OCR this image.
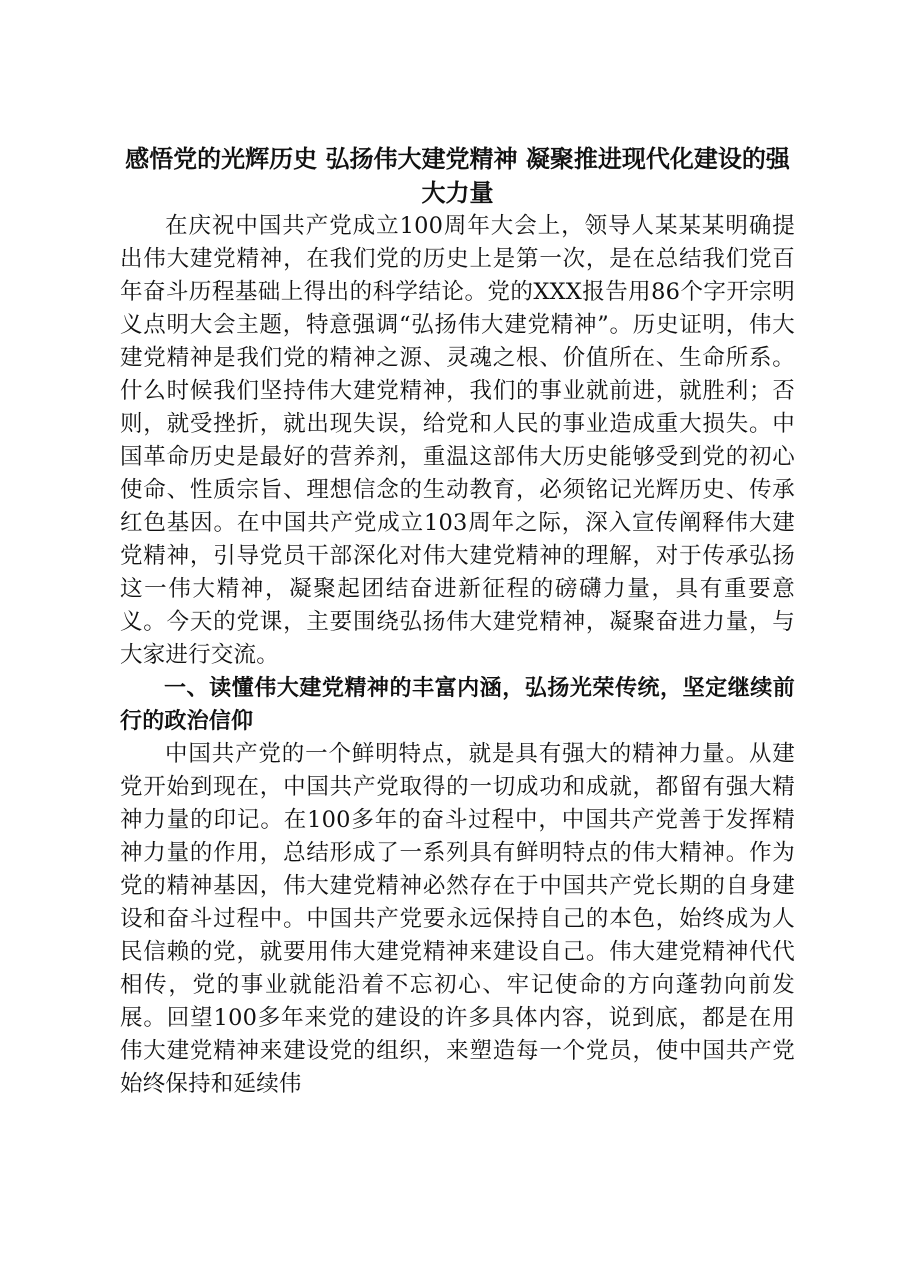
感悟党的光辉历史 弘扬伟大建党精神 凝聚推进现代化建设的强大力量

在庆祝中国共产党成立100周年大会上，领导人某某某明确提出伟大建党精神，在我们党的历史上是第一次，是在总结我们党百年奋斗历程基础上得出的科学结论。党的XXX报告用86个字开宗明义点明大会主题，特意强调“弘扬伟大建党精神”。历史证明，伟大建党精神是我们党的精神之源、灵魂之根、价值所在、生命所系。什么时候我们坚持伟大建党精神，我们的事业就前进，就胜利；否则，就受挫折，就出现失误，给党和人民的事业造成重大损失。中国革命历史是最好的营养剂，重温这部伟大历史能够受到党的初心使命、性质宗旨、理想信念的生动教育，必须铭记光辉历史、传承红色基因。在中国共产党成立103周年之际，深入宣传阐释伟大建党精神，引导党员干部深化对伟大建党精神的理解，对于传承弘扬这一伟大精神，凝聚起团结奋进新征程的磅礴力量，具有重要意义。今天的党课，主要围绕弘扬伟大建党精神，凝聚奋进力量，与大家进行交流。

一、读懂伟大建党精神的丰富内涵，弘扬光荣传统，坚定继续前行的政治信仰

中国共产党的一个鲜明特点，就是具有强大的精神力量。从建党开始到现在，中国共产党取得的一切成功和成就，都留有强大精神力量的印记。在100多年的奋斗过程中，中国共产党善于发挥精神力量的作用，总结形成了一系列具有鲜明特点的伟大精神。作为党的精神基因，伟大建党精神必然存在于中国共产党长期的自身建设和奋斗过程中。中国共产党要永远保持自己的本色，始终成为人民信赖的党，就要用伟大建党精神来建设自己。伟大建党精神代代相传，党的事业就能沿着不忘初心、牢记使命的方向蓬勃向前发展。回望100多年来党的建设的许多具体内容，说到底，都是在用伟大建党精神来建设党的组织，来塑造每一个党员，使中国共产党始终保持和延续伟
